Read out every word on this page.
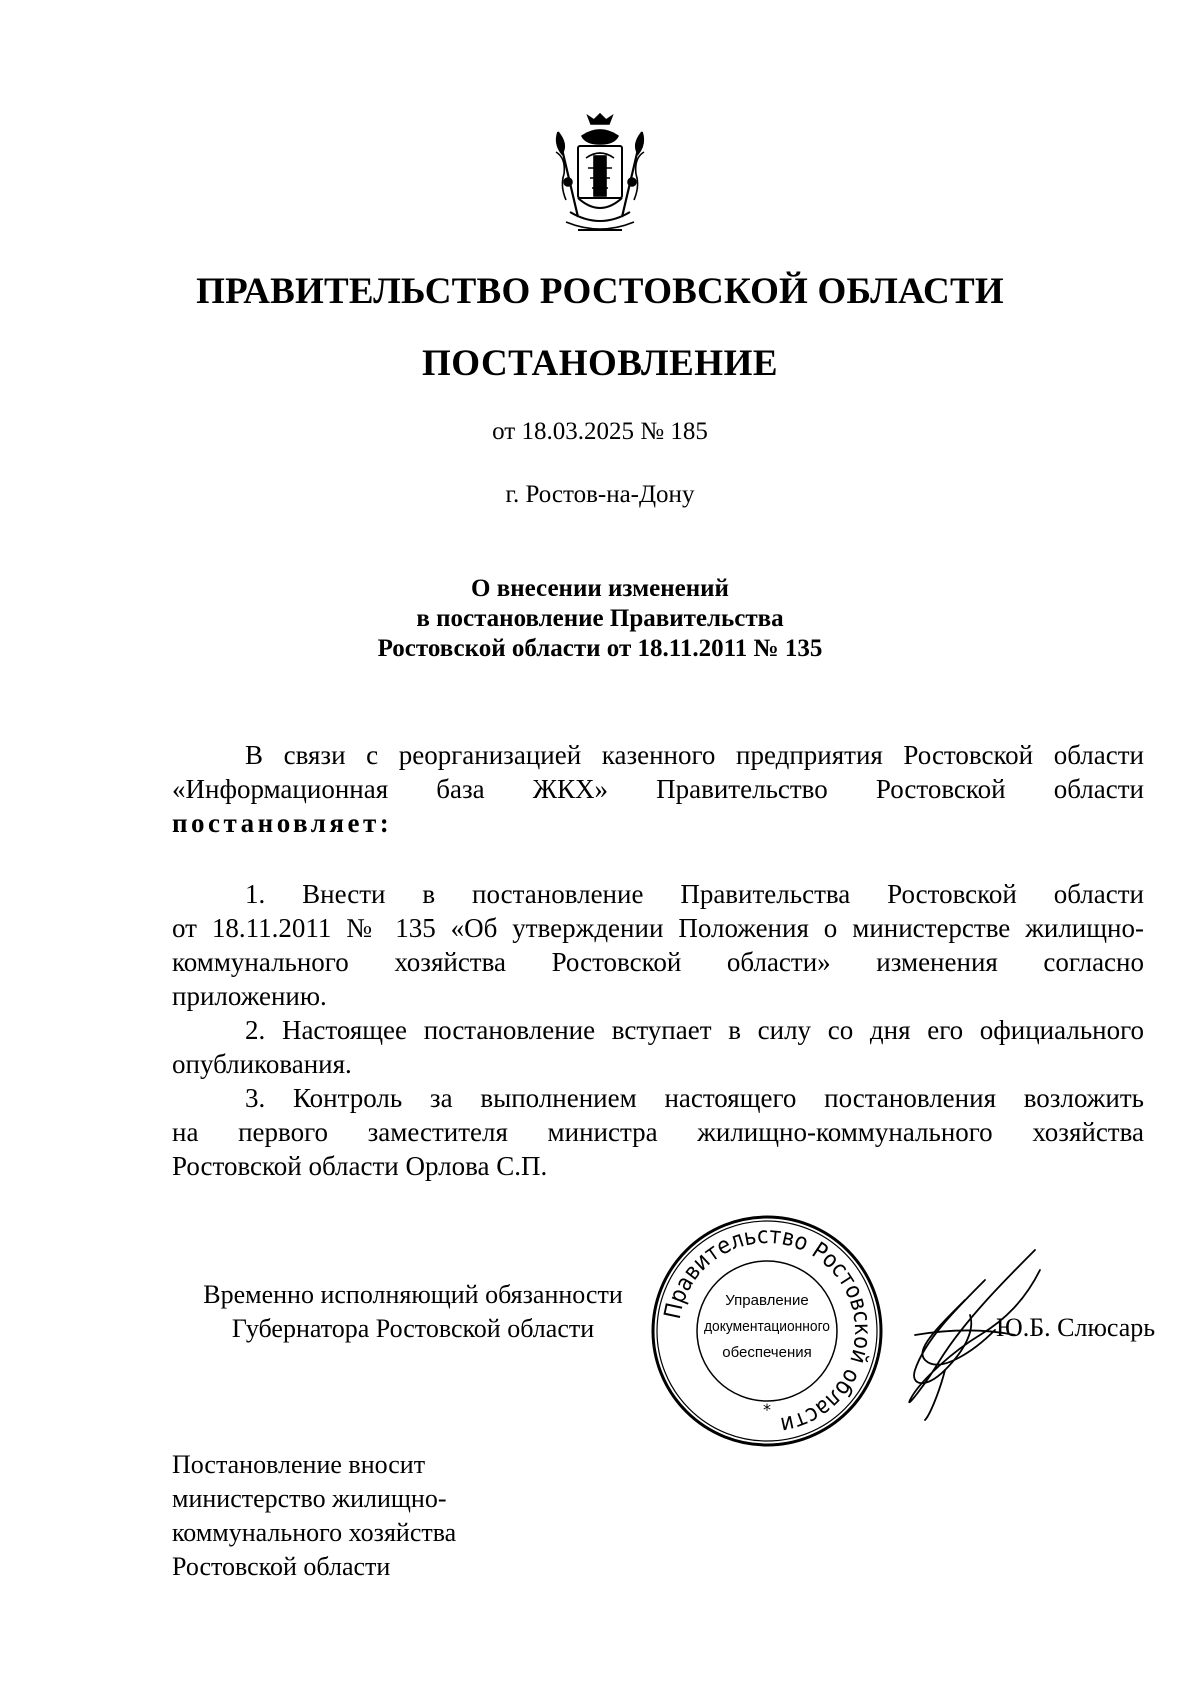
ПРАВИТЕЛЬСТВО РОСТОВСКОЙ ОБЛАСТИ
ПОСТАНОВЛЕНИЕ
от 18.03.2025 № 185
г. Ростов-на-Дону
О внесении изменений
в постановление Правительства
Ростовской области от 18.11.2011 № 135

В связи с реорганизацией казенного предприятия Ростовской области

«Информационная база ЖКХ» Правительство Ростовской области

постановляет:

1. Внести в постановление Правительства Ростовской области

от 18.11.2011 № 135 «Об утверждении Положения о министерстве жилищно-

коммунального хозяйства Ростовской области» изменения согласно

приложению.

2. Настоящее постановление вступает в силу со дня его официального

опубликования.

3. Контроль за выполнением настоящего постановления возложить

на первого заместителя министра жилищно-коммунального хозяйства

Ростовской области Орлова С.П.

Временно исполняющий обязанности
Губернатора Ростовской области
Правительство Ростовской области
Управление
документационного
обеспечения
*
Ю.Б. Слюсарь
Постановление вносит
министерство жилищно-
коммунального хозяйства
Ростовской области
